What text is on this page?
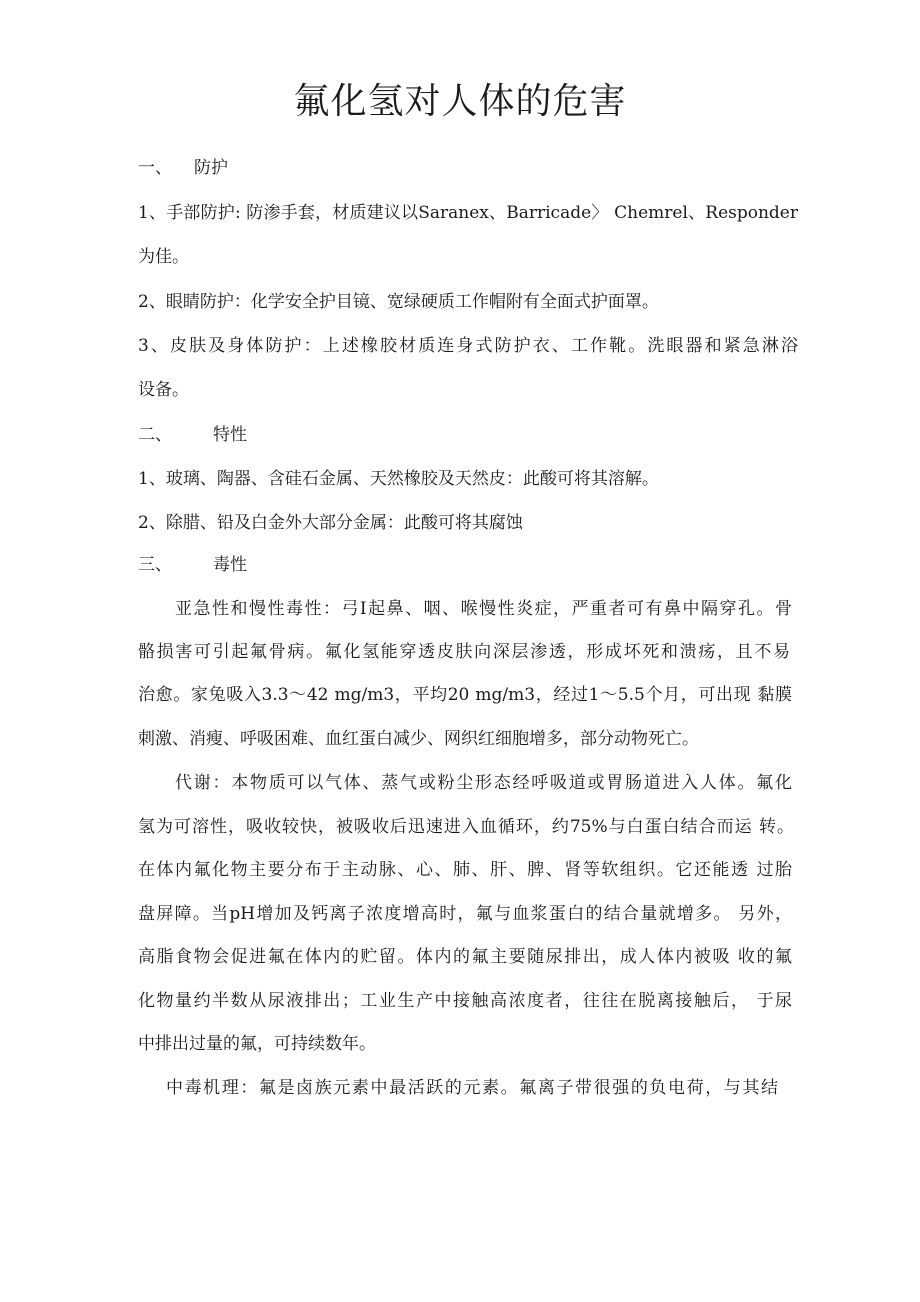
氟化氢对人体的危害
一、 防护
1、手部防护: 防渗手套，材质建议以Saranex、Barricade〉 Chemrel、Responder
为佳。
2、眼睛防护：化学安全护目镜、宽绿硬质工作帽附有全面式护面罩。
3、皮肤及身体防护：上述橡胶材质连身式防护衣、工作靴。洗眼器和紧急淋浴
设备。
二、 特性
1、玻璃、陶器、含硅石金属、天然橡胶及天然皮：此酸可将其溶解。
2、除腊、铅及白金外大部分金属：此酸可将其腐蚀
三、 毒性
亚急性和慢性毒性：弓I起鼻、咽、喉慢性炎症，严重者可有鼻中隔穿孔。骨
骼损害可引起氟骨病。氟化氢能穿透皮肤向深层渗透，形成坏死和溃疡，且不易
治愈。家兔吸入3.3〜42 mg/m3，平均20 mg/m3，经过1〜5.5个月，可出现 黏膜
刺激、消瘦、呼吸困难、血红蛋白减少、网织红细胞增多，部分动物死亡。
代谢：本物质可以气体、蒸气或粉尘形态经呼吸道或胃肠道进入人体。氟化
氢为可溶性，吸收较快，被吸收后迅速进入血循环，约75%与白蛋白结合而运 转。
在体内氟化物主要分布于主动脉、心、肺、肝、脾、肾等软组织。它还能透 过胎
盘屏障。当pH增加及钙离子浓度增高时，氟与血浆蛋白的结合量就增多。 另外，
高脂食物会促进氟在体内的贮留。体内的氟主要随尿排出，成人体内被吸 收的氟
化物量约半数从尿液排出；工业生产中接触高浓度者，往往在脱离接触后， 于尿
中排出过量的氟，可持续数年。
中毒机理：氟是卤族元素中最活跃的元素。氟离子带很强的负电荷，与其结
